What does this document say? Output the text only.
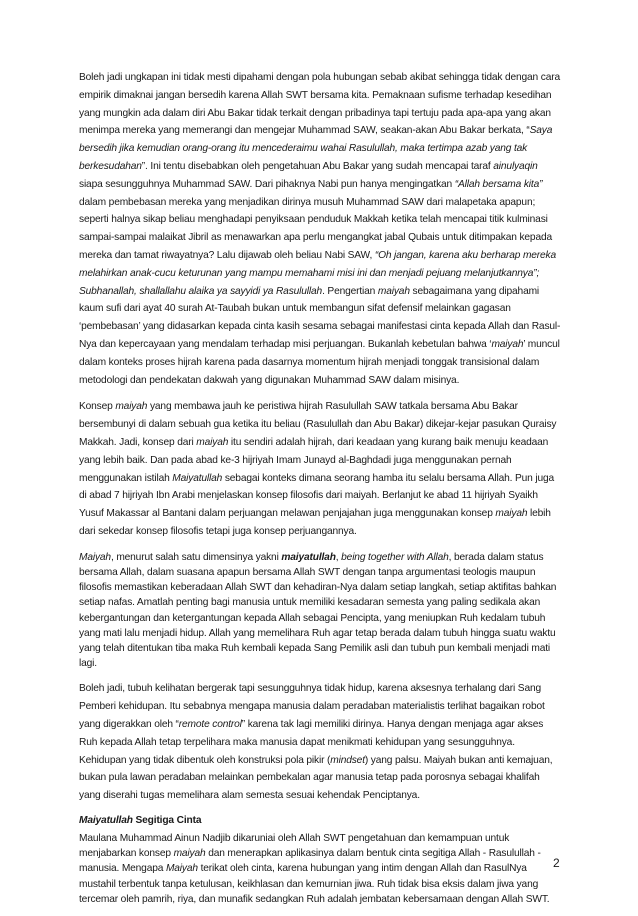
Boleh jadi ungkapan ini tidak mesti dipahami dengan pola hubungan sebab akibat sehingga tidak dengan cara empirik dimaknai jangan bersedih karena Allah SWT bersama kita. Pemaknaan sufisme terhadap kesedihan yang mungkin ada dalam diri Abu Bakar tidak terkait dengan pribadinya tapi tertuju pada apa-apa yang akan menimpa mereka yang memerangi dan mengejar Muhammad SAW, seakan-akan Abu Bakar berkata, “Saya bersedih jika kemudian orang-orang itu mencederaimu wahai Rasulullah, maka tertimpa azab yang tak berkesudahan”. Ini tentu disebabkan oleh pengetahuan Abu Bakar yang sudah mencapai taraf ainulyaqin siapa sesungguhnya Muhammad SAW. Dari pihaknya Nabi pun hanya mengingatkan “Allah bersama kita” dalam pembebasan mereka yang menjadikan dirinya musuh Muhammad SAW dari malapetaka apapun; seperti halnya sikap beliau menghadapi penyiksaan penduduk Makkah ketika telah mencapai titik kulminasi sampai-sampai malaikat Jibril as menawarkan apa perlu mengangkat jabal Qubais untuk ditimpakan kepada mereka dan tamat riwayatnya? Lalu dijawab oleh beliau Nabi SAW, “Oh jangan, karena aku berharap mereka melahirkan anak-cucu keturunan yang mampu memahami misi ini dan menjadi pejuang melanjutkannya”; Subhanallah, shallallahu alaika ya sayyidi ya Rasulullah. Pengertian maiyah sebagaimana yang dipahami kaum sufi dari ayat 40 surah At-Taubah bukan untuk membangun sifat defensif melainkan gagasan ‘pembebasan’ yang didasarkan kepada cinta kasih sesama sebagai manifestasi cinta kepada Allah dan Rasul-Nya dan kepercayaan yang mendalam terhadap misi perjuangan. Bukanlah kebetulan bahwa ‘maiyah’ muncul dalam konteks proses hijrah karena pada dasarnya momentum hijrah menjadi tonggak transisional dalam metodologi dan pendekatan dakwah yang digunakan Muhammad SAW dalam misinya.

Konsep maiyah yang membawa jauh ke peristiwa hijrah Rasulullah SAW tatkala bersama Abu Bakar bersembunyi di dalam sebuah gua ketika itu beliau (Rasulullah dan Abu Bakar) dikejar-kejar pasukan Quraisy Makkah. Jadi, konsep dari maiyah itu sendiri adalah hijrah, dari keadaan yang kurang baik menuju keadaan yang lebih baik. Dan pada abad ke-3 hijriyah Imam Junayd al-Baghdadi juga menggunakan pernah menggunakan istilah Maiyatullah sebagai konteks dimana seorang hamba itu selalu bersama Allah. Pun juga di abad 7 hijriyah Ibn Arabi menjelaskan konsep filosofis dari maiyah. Berlanjut ke abad 11 hijriyah Syaikh Yusuf Makassar al Bantani dalam perjuangan melawan penjajahan juga menggunakan konsep maiyah lebih dari sekedar konsep filosofis tetapi juga konsep perjuangannya.

Maiyah, menurut salah satu dimensinya yakni maiyatullah, being together with Allah, berada dalam status bersama Allah, dalam suasana apapun bersama Allah SWT dengan tanpa argumentasi teologis maupun filosofis memastikan keberadaan Allah SWT dan kehadiran-Nya dalam setiap langkah, setiap aktifitas bahkan setiap nafas. Amatlah penting bagi manusia untuk memiliki kesadaran semesta yang paling sedikala akan kebergantungan dan ketergantungan kepada Allah sebagai Pencipta, yang meniupkan Ruh kedalam tubuh yang mati lalu menjadi hidup. Allah yang memelihara Ruh agar tetap berada dalam tubuh hingga suatu waktu yang telah ditentukan tiba maka Ruh kembali kepada Sang Pemilik asli dan tubuh pun kembali menjadi mati lagi.

Boleh jadi, tubuh kelihatan bergerak tapi sesungguhnya tidak hidup, karena aksesnya terhalang dari Sang Pemberi kehidupan. Itu sebabnya mengapa manusia dalam peradaban materialistis terlihat bagaikan robot yang digerakkan oleh “remote control” karena tak lagi memiliki dirinya. Hanya dengan menjaga agar akses Ruh kepada Allah tetap terpelihara maka manusia dapat menikmati kehidupan yang sesungguhnya. Kehidupan yang tidak dibentuk oleh konstruksi pola pikir (mindset) yang palsu. Maiyah bukan anti kemajuan, bukan pula lawan peradaban melainkan pembekalan agar manusia tetap pada porosnya sebagai khalifah yang diserahi tugas memelihara alam semesta sesuai kehendak Penciptanya.

Maiyatullah Segitiga Cinta

Maulana Muhammad Ainun Nadjib dikaruniai oleh Allah SWT pengetahuan dan kemampuan untuk menjabarkan konsep maiyah dan menerapkan aplikasinya dalam bentuk cinta segitiga Allah - Rasulullah - manusia. Mengapa Maiyah terikat oleh cinta, karena hubungan yang intim dengan Allah dan RasulNya mustahil terbentuk tanpa ketulusan, keikhlasan dan kemurnian jiwa. Ruh tidak bisa eksis dalam jiwa yang tercemar oleh pamrih, riya, dan munafik sedangkan Ruh adalah jembatan kebersamaan dengan Allah SWT.

2
